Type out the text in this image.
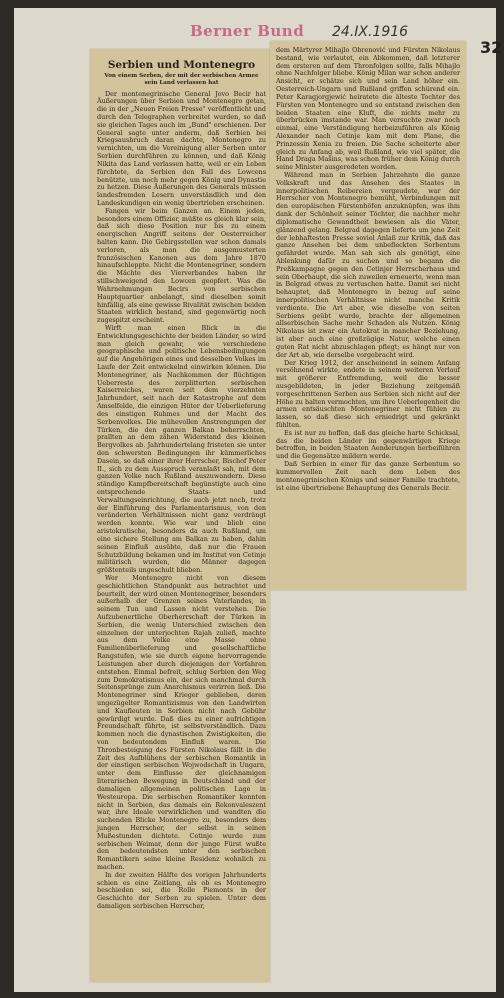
Berner Bund 24.IX.1916
32
Serbien und Montenegro
Von einem Serben, der mit der serbischen Armee sein Land verlassen hat

Der montenegrinische General Jovo Becir hat Äußerungen über Serbien und Montenegro getan, die in der „Neuen Freien Presse" veröffentlicht und durch den Telegraphen verbreitet wurden, so daß sie gleichen Tages auch im „Bund" erschienen. Der General sagte unter anderm, daß Serbien bei Kriegsausbruch daran dachte, Montenegro zu vernichten, um die Vereinigung aller Serben unter Serbien durchführen zu können, und daß König Nikita das Land verlassen hatte, weil er ein Leben fürchtete, da Serbien den Fall des Lowcens benützte, um noch mehr gegen König und Dynastie zu hetzen. Diese Äußerungen des Generals müssen landesfremden Lesern unverständlich und den Landeskundigen ein wenig übertrieben erscheinen.

Fangen wir beim Ganzen an. Einem jeden, besonders einem Offizier, müßte es gleich klar sein, daß sich diese Position nur bis zu einem energischen Angriff seitens der Oesterreicher halten kann. Die Gebirgsstellen war schon damals verloren, als man die ausgemusterten französischen Kanonen aus dem Jahre 1870 hinaufschleppte. Nicht die Montenegriner, sondern die Mächte des Vierverbandes haben ihr stillschweigend den Lowcen geopfert. Was die Wahrnehmungen Becirs von serbischen Hauptquartier anbelangt, sind dieselben somit hinfällig, als eine gewisse Rivalität zwischen beiden Staaten wirklich bestand, sind gegenwärtig noch zugespitzt erscheint.

Wirft man einen Blick in die Entwicklungsgeschichte der beiden Länder, so wird man gleich gewahr, wie verschiedene geographische und politische Lebensbedingungen auf die Angehörigen eines und desselben Volkes im Laufe der Zeit entwickelnd einwirken können. Die Montenegriner, als Nachkommen der flüchtigen Ueberreste des zerplitterten serbischen Kaiserreiches, waren seit dem vierzehnten Jahrhundert, seit nach der Katastrophe auf dem Amselfelde, die einzigen Hüter der Ueberlieferung des einstigen Ruhmes und der Macht des Serbenvolkes. Die mühevollen Anstrengungen der Türken, die den ganzen Balkan beherrschten, prallten an dem zähen Widerstand des kleinen Bergvolkes ab. Jahrhundertelang fristeten sie unter den schwersten Bedingungen ihr kümmerliches Dasein, so daß einer ihrer Herrscher, Bischof Peter II., sich zu dem Ausspruch veranlaßt sah, mit dem ganzen Volke nach Rußland auszuwandern. Diese ständige Kampfbereitschaft begünstigte auch eine entsprechende Staats- und Verwaltungseinrichtung, die auch jetzt noch, trotz der Einführung des Parlamentarismus, von den veränderten Verhältnissen nicht ganz verdrängt werden konnte. Wie war und blieb eine aristokratische, besonders da auch Rußland, um eine sichere Stellung am Balkan zu haben, dahin seinen Einfluß ausübte, daß nur die Frauen Schutzbildung bekamen und im Institut von Cetinje militärisch wurden, die Männer dagegen größtenteils ungeschult blieben.

Wer Montenegro nicht von diesem geschichtlichen Standpunkt aus betrachtet und beurteilt, der wird einen Montenegriner, besonders außerhalb der Grenzen seines Vaterlandes, in seinem Tun und Lassen nicht verstehen. Die Aufzubenertliche Oberherrschaft der Türken in Serbien, die wenig Unterschied zwischen den einzelnen der unterjochten Rajah zuließ, machte aus dem Volke eine Masse ohne Familienüberlieferung und gesellschaftliche Rangstufen, wie sie durch eigene hervorragende Leistungen aber durch diejenigen der Vorfahren entstehen. Einmal befreit, schlug Serbien den Weg zum Demokratismus ein, der sich manchmal durch Seitensprünge zum Anarchismus verirren ließ. Die Montenegriner sind Krieger geblieben, deren ungezügelter Romantizismus von den Landwirten und Kaufleuten in Serbien nicht nach Gebühr gewürdigt wurde. Daß dies zu einer aufrichtigen Freundschaft führte, ist selbstverständlich. Dazu kommen noch die dynastischen Zwistigkeiten, die von bedeutendem Einfluß waren. Die Thronbesteigung des Fürsten Nikolaus fällt in die Zeit des Aufblühens der serbischen Romantik in der einstigen serbischen Wojwodschaft in Ungarn, unter dem Einflusse der gleichnamigen literarischen Bewegung in Deutschland und der damaligen allgemeinen politischen Lage in Westeuropa. Die serbischen Romantiker konnten nicht in Serbien, das damals ein Rekonvaleszent war, ihre Ideale verwirklichen und wandten die suchenden Blicke Montenegro zu, besonders dem jungen Herrscher, der selbst in seinen Mußestunden dichtete. Cetinje wurde zum serbischen Weimar, denn der junge Fürst wußte den bedeutendsten unter den serbischen Romantikern seine kleine Residenz wohnlich zu machen.

In der zweiten Hälfte des vorigen Jahrhunderts schien es eine Zeitlang, als ob es Montenegro beschieden sei, die Rolle Piemonts in der Geschichte der Serben zu spielen. Unter dem damaligen serbischen Herrscher,

dem Märtyrer Mihajlo Obrenović und Fürsten Nikolaus bestand, wie verlautet, ein Abkommen, daß letzterer dem ersteren auf dem Thronfolgen sollte, falls Mihajlo ohne Nachfolger bliebe. König Milan war schon anderer Ansicht, er schätze sich und sein Land höher ein. Oesterreich-Ungarn und Rußland griffen schürend ein. Peter Karagjorgjewić heiratete die älteste Tochter des Fürsten von Montenegro und so entstand zwischen den beiden Staaten eine Kluft, die nichts mehr zu überbrücken imstande war. Man versuchte zwar noch einmal, eine Verständigung herbeizuführen als König Alexander nach Cetinje kam mit dem Plane, die Prinzessin Xenia zu freien. Die Sache scheiterte aber gleich zu Anfang ab, weil Rußland, wie viel später, die Hand Draga Mašins, was schon früher dem König durch seine Minister ausgeredeten worden.

Während man in Serbien Jahrzehnte die ganze Volkskraft und das Ansehen des Staates in innerpolitischen Reibereien vergeudete, war der Herrscher von Montenegro bemüht, Verbindungen mit den europäischen Fürstenhöfen anzuknüpfen, was ihm dank der Schönheit seiner Töchter, die nachher mehr diplomatische Gewandtheit bewiesen als die Väter, glänzend gelang. Belgrad dagegen lieferte um jene Zeit der lebhaftesten Presse soviel Anlaß zur Kritik, daß das ganze Ansehen bei dem unbefleckten Serbentum gefährdet wurde. Man sah sich als genötigt, eine Ablenkung dafür zu suchen und so begann die Preßkampagne gegen den Cetinjer Herrscherhaus und sein Oberhaupt, die sich zuweilen erneuerte, wenn man in Belgrad etwas zu vertuschen hatte. Damit sei nicht behauptet, daß Montenegro in bezug auf seine innerpolitischen Verhältnisse nicht manche Kritik verdiente. Die Art aber, wie dieselbe von seiten Serbiens geübt wurde, brachte der allgemeinen allserbischen Sache mehr Schaden als Nutzen. König Nikolaus ist zwar ein Autokrat in mancher Beziehung, ist aber auch eine großzügige Natur, welche einen guten Rat nicht abzuschlagen pflegt; es hängt nur von der Art ab, wie derselbe vorgebracht wird.

Der Krieg 1912, der anscheinend in seinem Anfang versöhnend wirkte, endete in seinem weiteren Verlauf mit größerer Entfremdung, weil die besser ausgebildeten, in jeder Beziehung zeitgemäß vorgeschrittenen Serben aus Serbien sich nicht auf der Höhe zu halten vermochten, um ihre Ueberlegenheit die armen entsäuschten Montenegriner nicht fühlen zu lassen, so daß diese sich erniedrigt und gekränkt fühlten.

Es ist nur zu hoffen, daß das gleiche harte Schicksal, das die beiden Länder im gegenwärtigen Kriege betroffen, in beiden Staaten Aenderungen herbeiführen und die Gegensätze mildern werde.

Daß Serbien in einer für das ganze Serbentum so kummervollen Zeit nach dem Leben des montenegrinischen Königs und seiner Familie trachtete, ist eine übertriebene Behauptung des Generals Becir.
